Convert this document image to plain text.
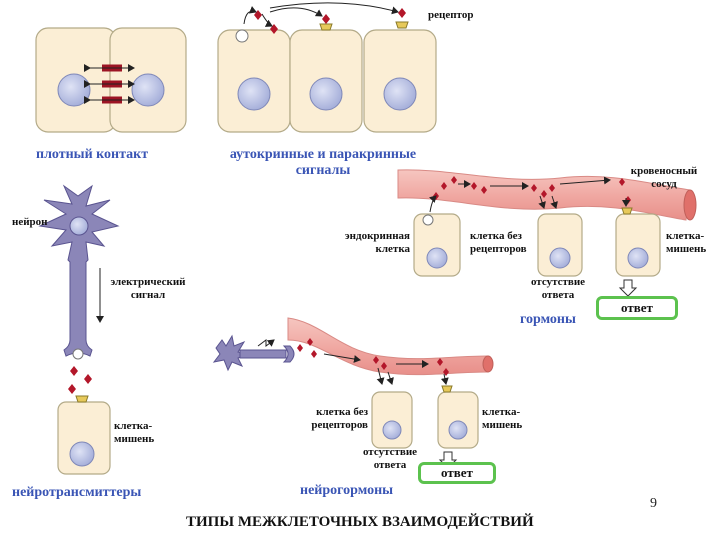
плотный контакт	аутокринные и паракринные
сигналы
рецептор
нейрон
электрический
сигнал
клетка-
мишень
нейротрансмиттеры
кровеносный
сосуд
эндокринная
клетка
клетка без
рецепторов
клетка-
мишень
отсутствие
ответа
ответ
гормоны
клетка без
рецепторов
клетка-
мишень
отсутствие
ответа
ответ
нейрогормоны
ТИПЫ МЕЖКЛЕТОЧНЫХ ВЗАИМОДЕЙСТВИЙ
9
